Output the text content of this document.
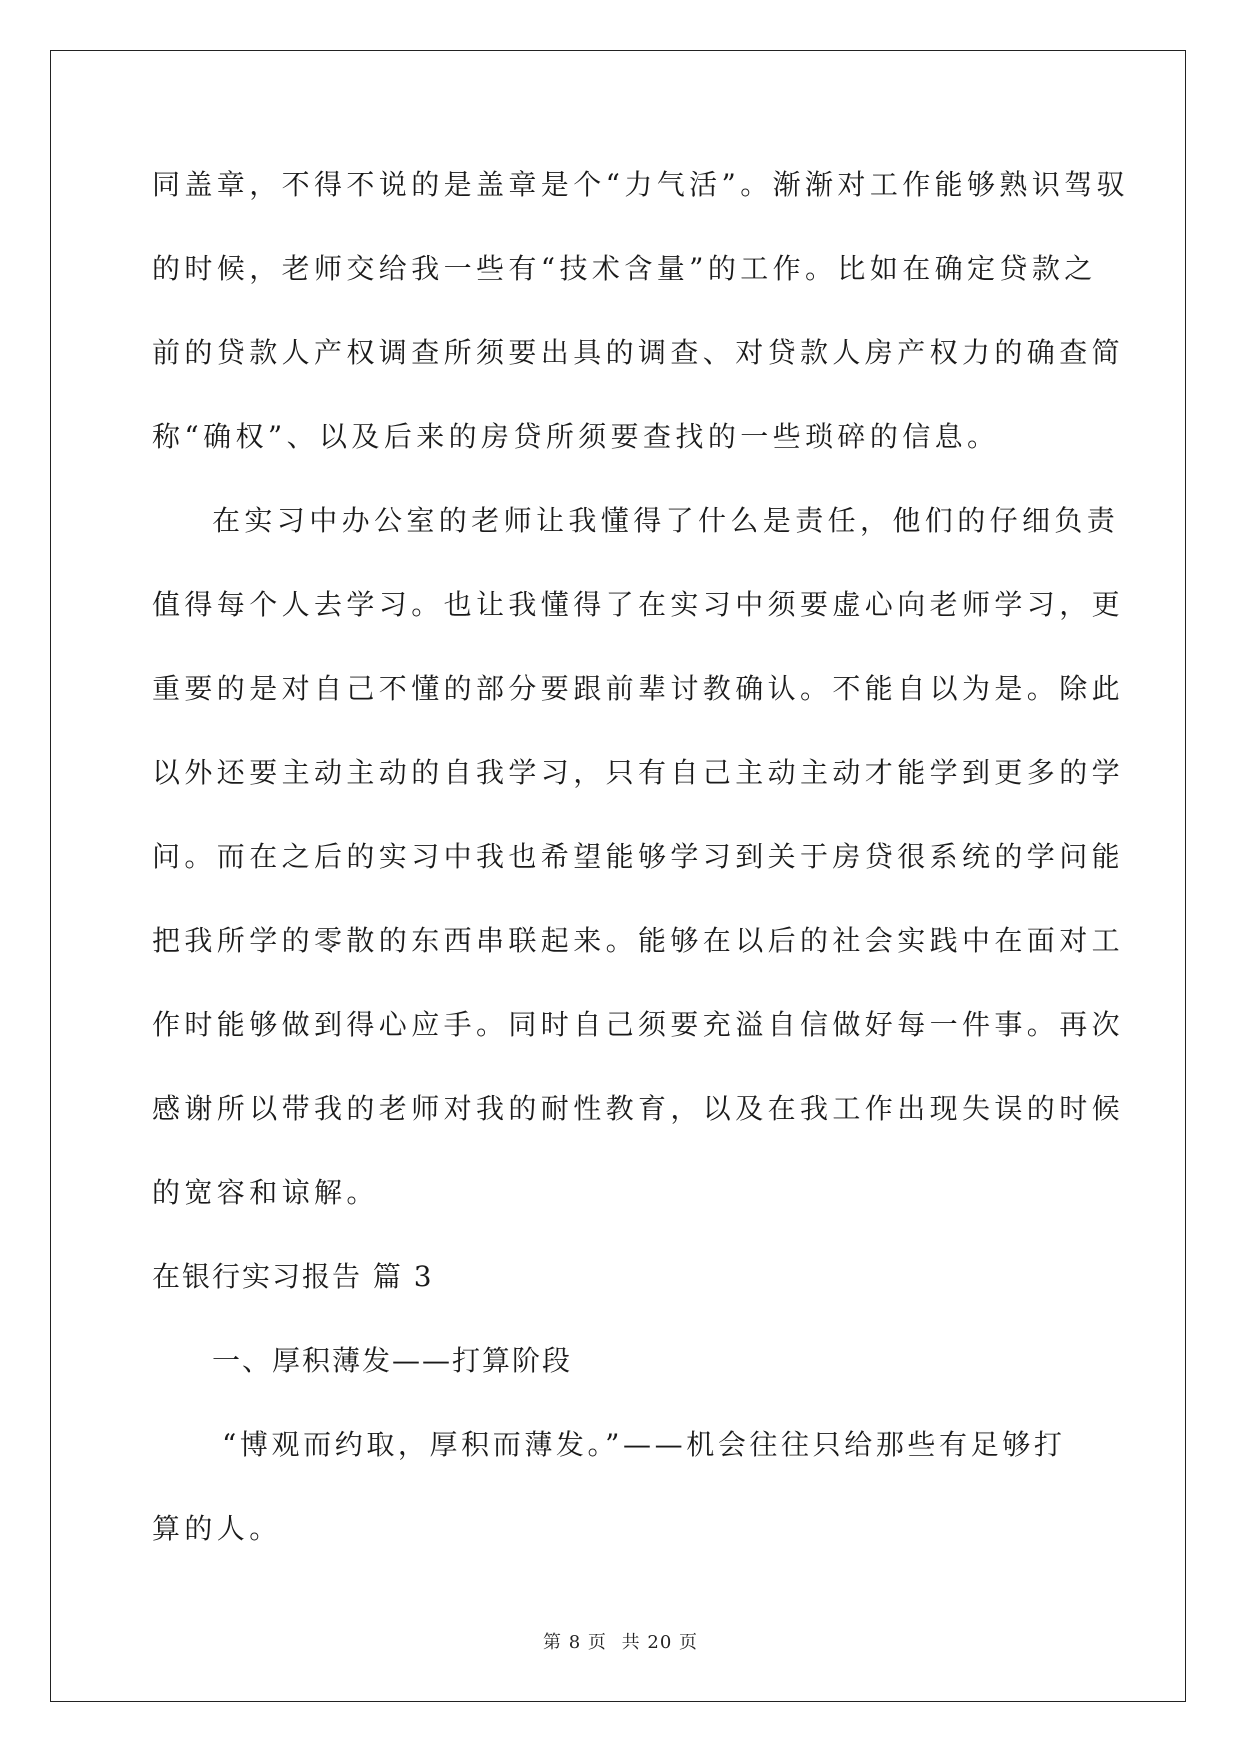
同盖章，不得不说的是盖章是个“力气活”。渐渐对工作能够熟识驾驭
的时候，老师交给我一些有“技术含量”的工作。比如在确定贷款之
前的贷款人产权调查所须要出具的调查、对贷款人房产权力的确查简
称“确权”、以及后来的房贷所须要查找的一些琐碎的信息。
在实习中办公室的老师让我懂得了什么是责任，他们的仔细负责
值得每个人去学习。也让我懂得了在实习中须要虚心向老师学习，更
重要的是对自己不懂的部分要跟前辈讨教确认。不能自以为是。除此
以外还要主动主动的自我学习，只有自己主动主动才能学到更多的学
问。而在之后的实习中我也希望能够学习到关于房贷很系统的学问能
把我所学的零散的东西串联起来。能够在以后的社会实践中在面对工
作时能够做到得心应手。同时自己须要充溢自信做好每一件事。再次
感谢所以带我的老师对我的耐性教育，以及在我工作出现失误的时候
的宽容和谅解。
在银行实习报告 篇 3
一、厚积薄发——打算阶段
“博观而约取，厚积而薄发。”——机会往往只给那些有足够打
算的人。
第 8 页 共 20 页
